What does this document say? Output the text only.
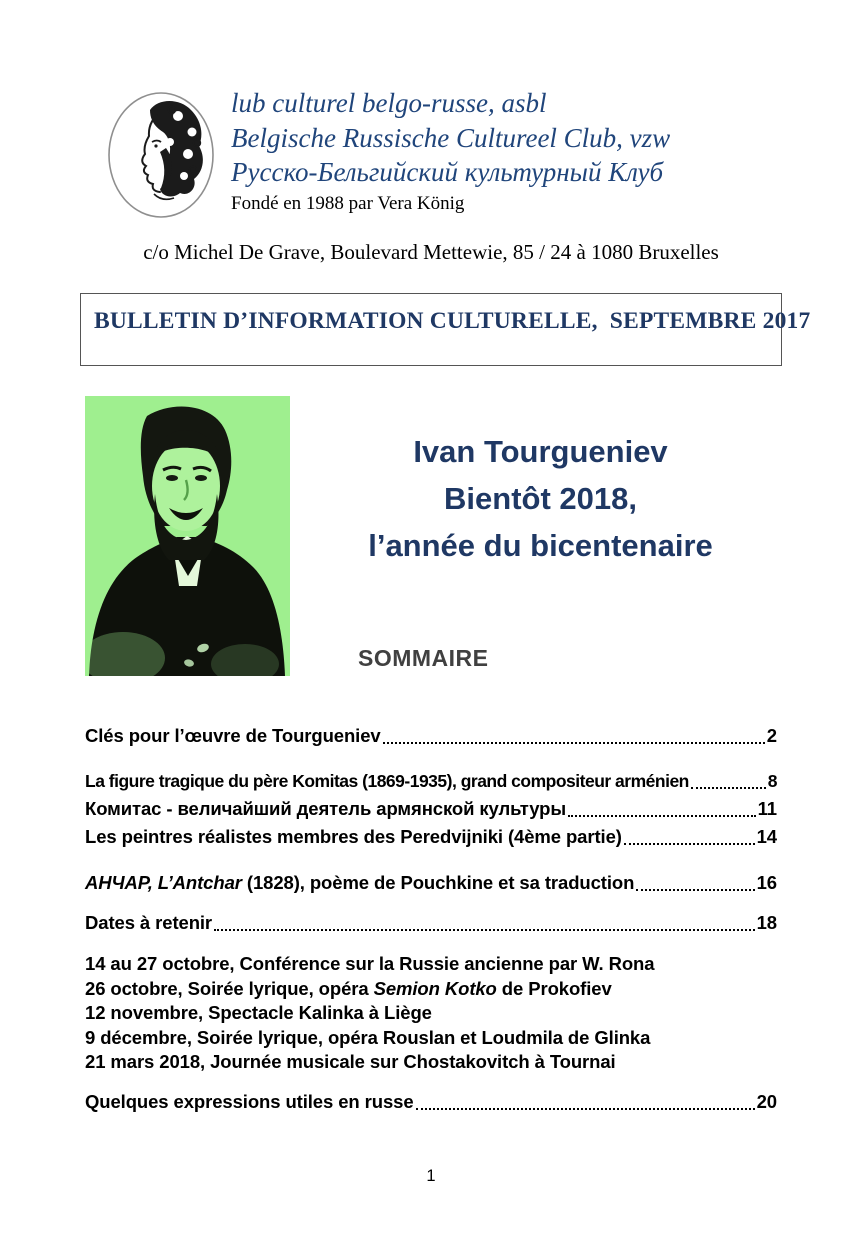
lub culturel belgo-russe, asbl
Belgische Russische Cultureel Club, vzw
Русско-Бельгийский культурный Клуб
Fondé en 1988 par Vera König
c/o Michel De Grave, Boulevard Mettewie, 85 / 24 à 1080 Bruxelles
BULLETIN D’INFORMATION CULTURELLE,  SEPTEMBRE 2017
Ivan Tourgueniev
Bientôt 2018,
l’année du bicentenaire
SOMMAIRE
Clés pour l’œuvre de Tourgueniev	2
La figure tragique du père Komitas (1869-1935), grand compositeur arménien	8
Комитас - величайший деятель армянской культуры	11
Les peintres réalistes membres des Peredvijniki (4ème partie)	14
АНЧАР, L’Antchar (1828), poème de Pouchkine et sa traduction	16
Dates à retenir	18
14 au 27 octobre, Conférence sur la Russie ancienne par W. Rona
26 octobre, Soirée lyrique, opéra Semion Kotko de Prokofiev
12 novembre, Spectacle Kalinka à Liège
9 décembre, Soirée lyrique, opéra Rouslan et Loudmila de Glinka
21 mars 2018, Journée musicale sur Chostakovitch à Tournai
Quelques expressions utiles en russe	20
1
